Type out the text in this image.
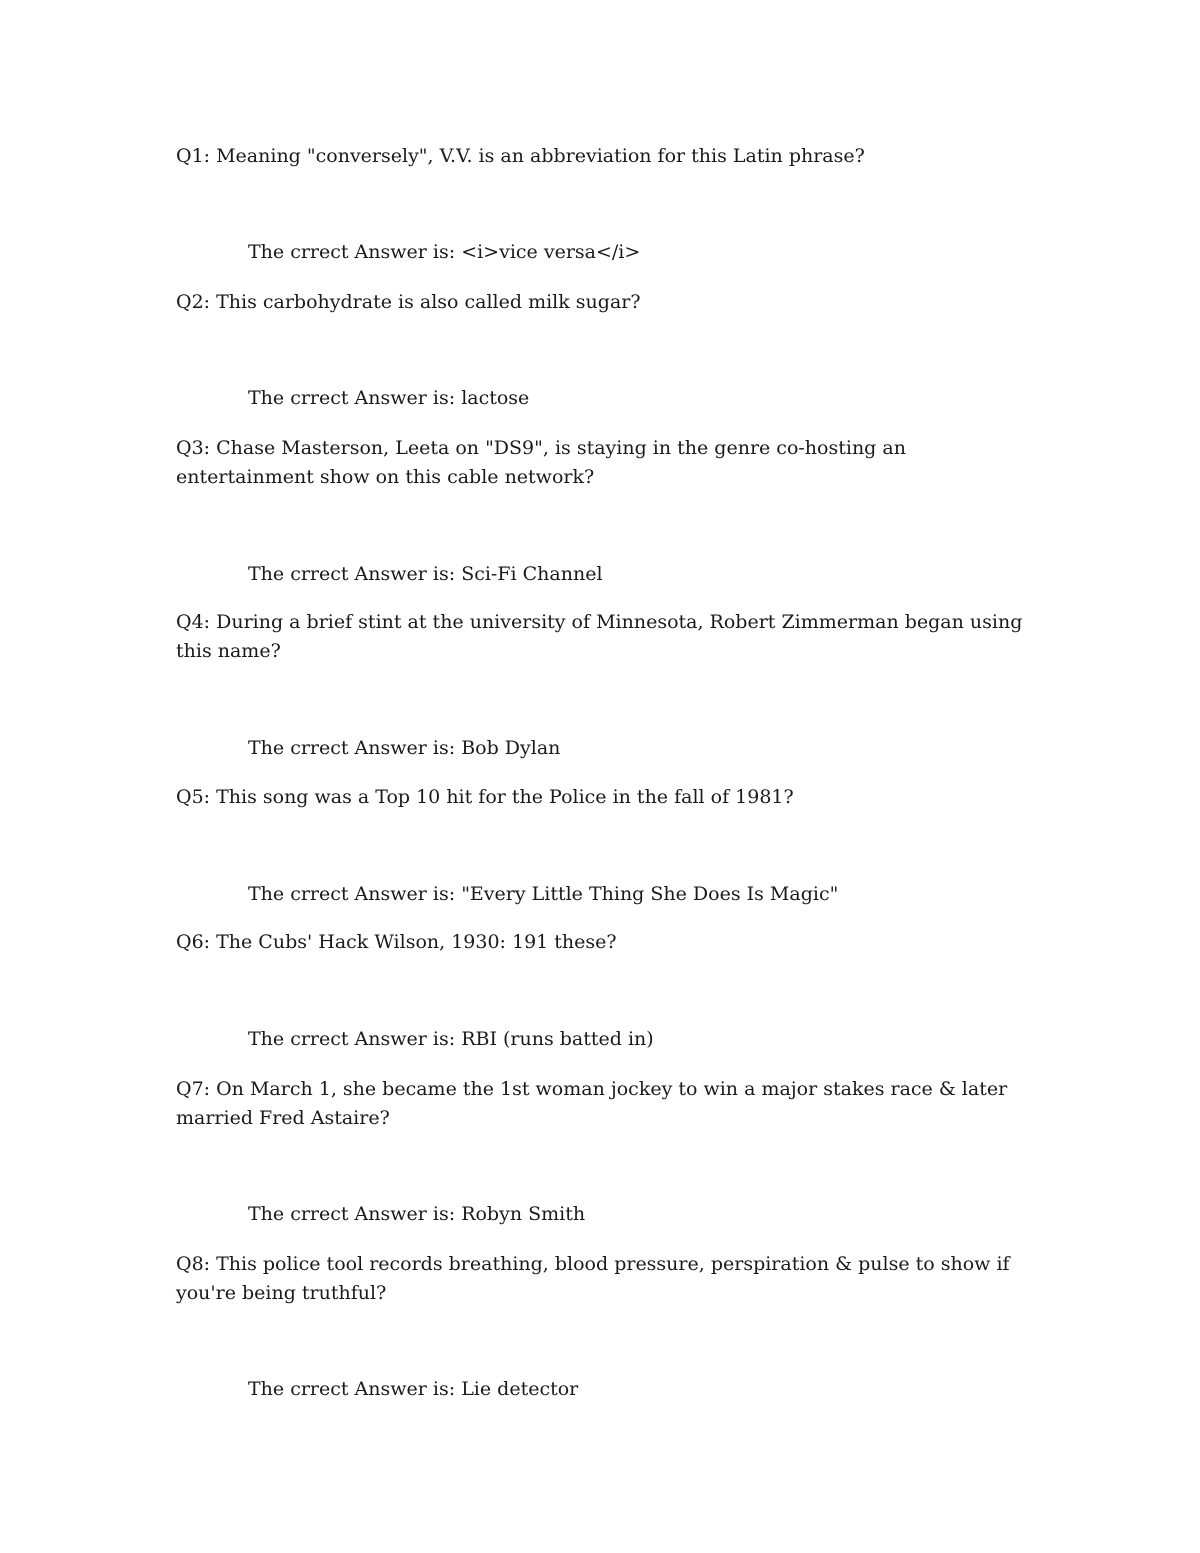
Q1: Meaning "conversely", V.V. is an abbreviation for this Latin phrase?

The crrect Answer is: <i>vice versa</i>

Q2: This carbohydrate is also called milk sugar?

The crrect Answer is: lactose

Q3: Chase Masterson, Leeta on "DS9", is staying in the genre co-hosting an entertainment show on this cable network?

The crrect Answer is: Sci-Fi Channel

Q4: During a brief stint at the university of Minnesota, Robert Zimmerman began using this name?

The crrect Answer is: Bob Dylan

Q5: This song was a Top 10 hit for the Police in the fall of 1981?

The crrect Answer is: "Every Little Thing She Does Is Magic"

Q6: The Cubs' Hack Wilson, 1930: 191 these?

The crrect Answer is: RBI (runs batted in)

Q7: On March 1, she became the 1st woman jockey to win a major stakes race & later married Fred Astaire?

The crrect Answer is: Robyn Smith

Q8: This police tool records breathing, blood pressure, perspiration & pulse to show if you're being truthful?

The crrect Answer is: Lie detector
